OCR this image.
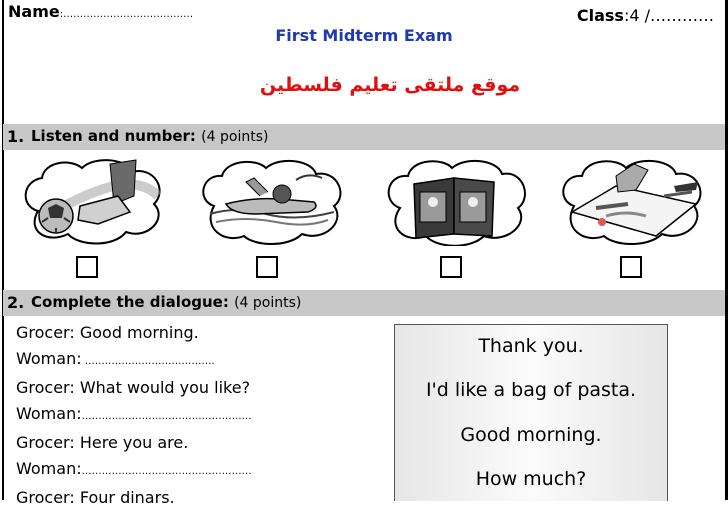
Name:…………………………………	Class:4 /…………
First Midterm Exam
موقع ملتقى تعليم فلسطين
1. Listen and number: (4 points)
2. Complete the dialogue: (4 points)
Grocer: Good morning.
Woman: …………………………………
Grocer: What would you like?
Woman:……………………………………………
Grocer: Here you are.
Woman:……………………………………………
Grocer: Four dinars.
Thank you.
I'd like a bag of pasta.
Good morning.
How much?
